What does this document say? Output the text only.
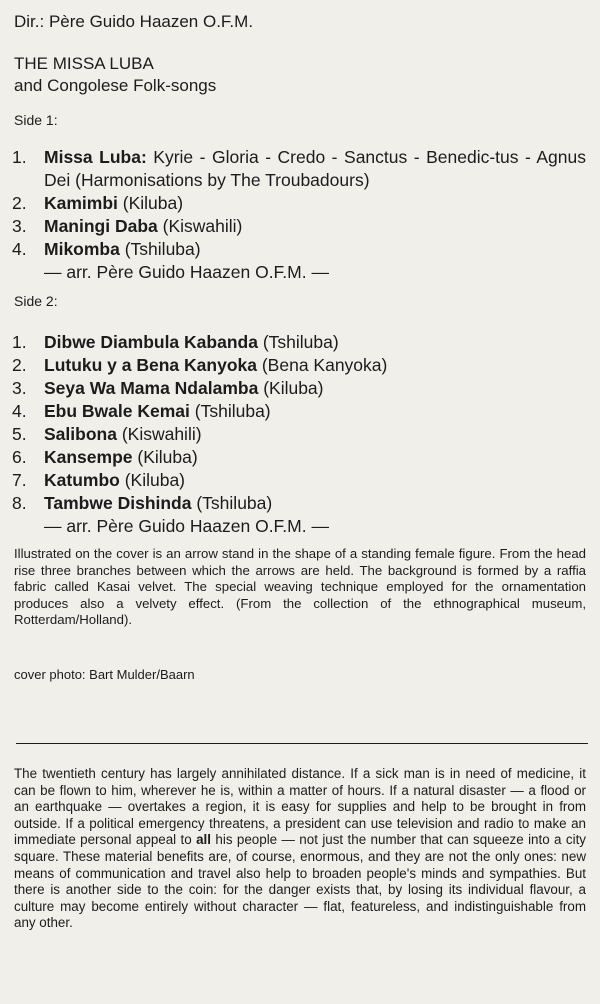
Dir.: Père Guido Haazen O.F.M.
THE MISSA LUBA
and Congolese Folk-songs
Side 1:
1. Missa Luba: Kyrie - Gloria - Credo - Sanctus - Benedic-tus - Agnus Dei (Harmonisations by The Troubadours)
2. Kamimbi (Kiluba)
3. Maningi Daba (Kiswahili)
4. Mikomba (Tshiluba)
— arr. Père Guido Haazen O.F.M. —
Side 2:
1. Dibwe Diambula Kabanda (Tshiluba)
2. Lutuku y a Bena Kanyoka (Bena Kanyoka)
3. Seya Wa Mama Ndalamba (Kiluba)
4. Ebu Bwale Kemai (Tshiluba)
5. Salibona (Kiswahili)
6. Kansempe (Kiluba)
7. Katumbo (Kiluba)
8. Tambwe Dishinda (Tshiluba)
— arr. Père Guido Haazen O.F.M. —

Illustrated on the cover is an arrow stand in the shape of a standing female figure. From the head rise three branches between which the arrows are held. The background is formed by a raffia fabric called Kasai velvet. The special weaving technique employed for the ornamentation produces also a velvety effect. (From the collection of the ethnographical museum, Rotterdam/Holland).

cover photo: Bart Mulder/Baarn

The twentieth century has largely annihilated distance. If a sick man is in need of medicine, it can be flown to him, wherever he is, within a matter of hours. If a natural disaster — a flood or an earthquake — overtakes a region, it is easy for supplies and help to be brought in from outside. If a political emergency threatens, a president can use television and radio to make an immediate personal appeal to all his people — not just the number that can squeeze into a city square. These material benefits are, of course, enormous, and they are not the only ones: new means of communication and travel also help to broaden people's minds and sympathies. But there is another side to the coin: for the danger exists that, by losing its individual flavour, a culture may become entirely without character — flat, featureless, and indistinguishable from any other.
